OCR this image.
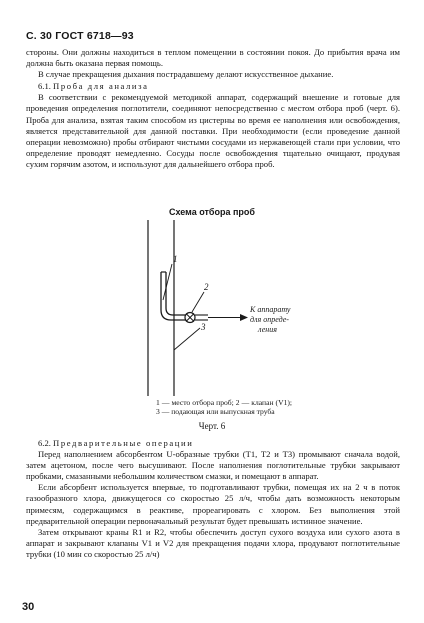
С. 30 ГОСТ 6718—93

стороны. Они должны находиться в теплом помещении в состоянии покоя. До прибытия врача им должна быть оказана первая помощь.

В случае прекращения дыхания пострадавшему делают искусственное дыхание.

6.1. Проба для анализа

В соответствии с рекомендуемой методикой аппарат, содержащий внешение и готовые для проведения определения поглотители, соединяют непосредственно с местом отбора проб (черт. 6). Проба для анализа, взятая таким способом из цистерны во время ее наполнения или освобождения, является представительной для данной поставки. При необходимости (если проведение данной операции невозможно) пробы отбирают чистыми сосудами из нержавеющей стали при условии, что определение проводят немедленно. Сосуды после освобождения тщательно очищают, продувая сухим горячим азотом, и используют для дальнейшего отбора проб.

Схема отбора проб
1
2
3
К аппарату
для опреде-
ления
1 — место отбора проб; 2 — клапан (V1); 3 — подающая или выпускная труба
Черт. 6

6.2. Предварительные операции

Перед наполнением абсорбентом U-образные трубки (T1, T2 и T3) промывают сначала водой, затем ацетоном, после чего высушивают. После наполнения поглотительные трубки закрывают пробками, смазанными небольшим количеством смазки, и помещают в аппарат.

Если абсорбент используется впервые, то подготавливают трубки, помещая их на 2 ч в поток газообразного хлора, движущегося со скоростью 25 л/ч, чтобы дать возможность некоторым примесям, содержащимся в реактиве, прореагировать с хлором. Без выполнения этой предварительной операции первоначальный результат будет превышать истинное значение.

Затем открывают краны R1 и R2, чтобы обеспечить доступ сухого воздуха или сухого азота в аппарат и закрывают клапаны V1 и V2 для прекращения подачи хлора, продувают поглотительные трубки (10 мин со скоростью 25 л/ч)

30
